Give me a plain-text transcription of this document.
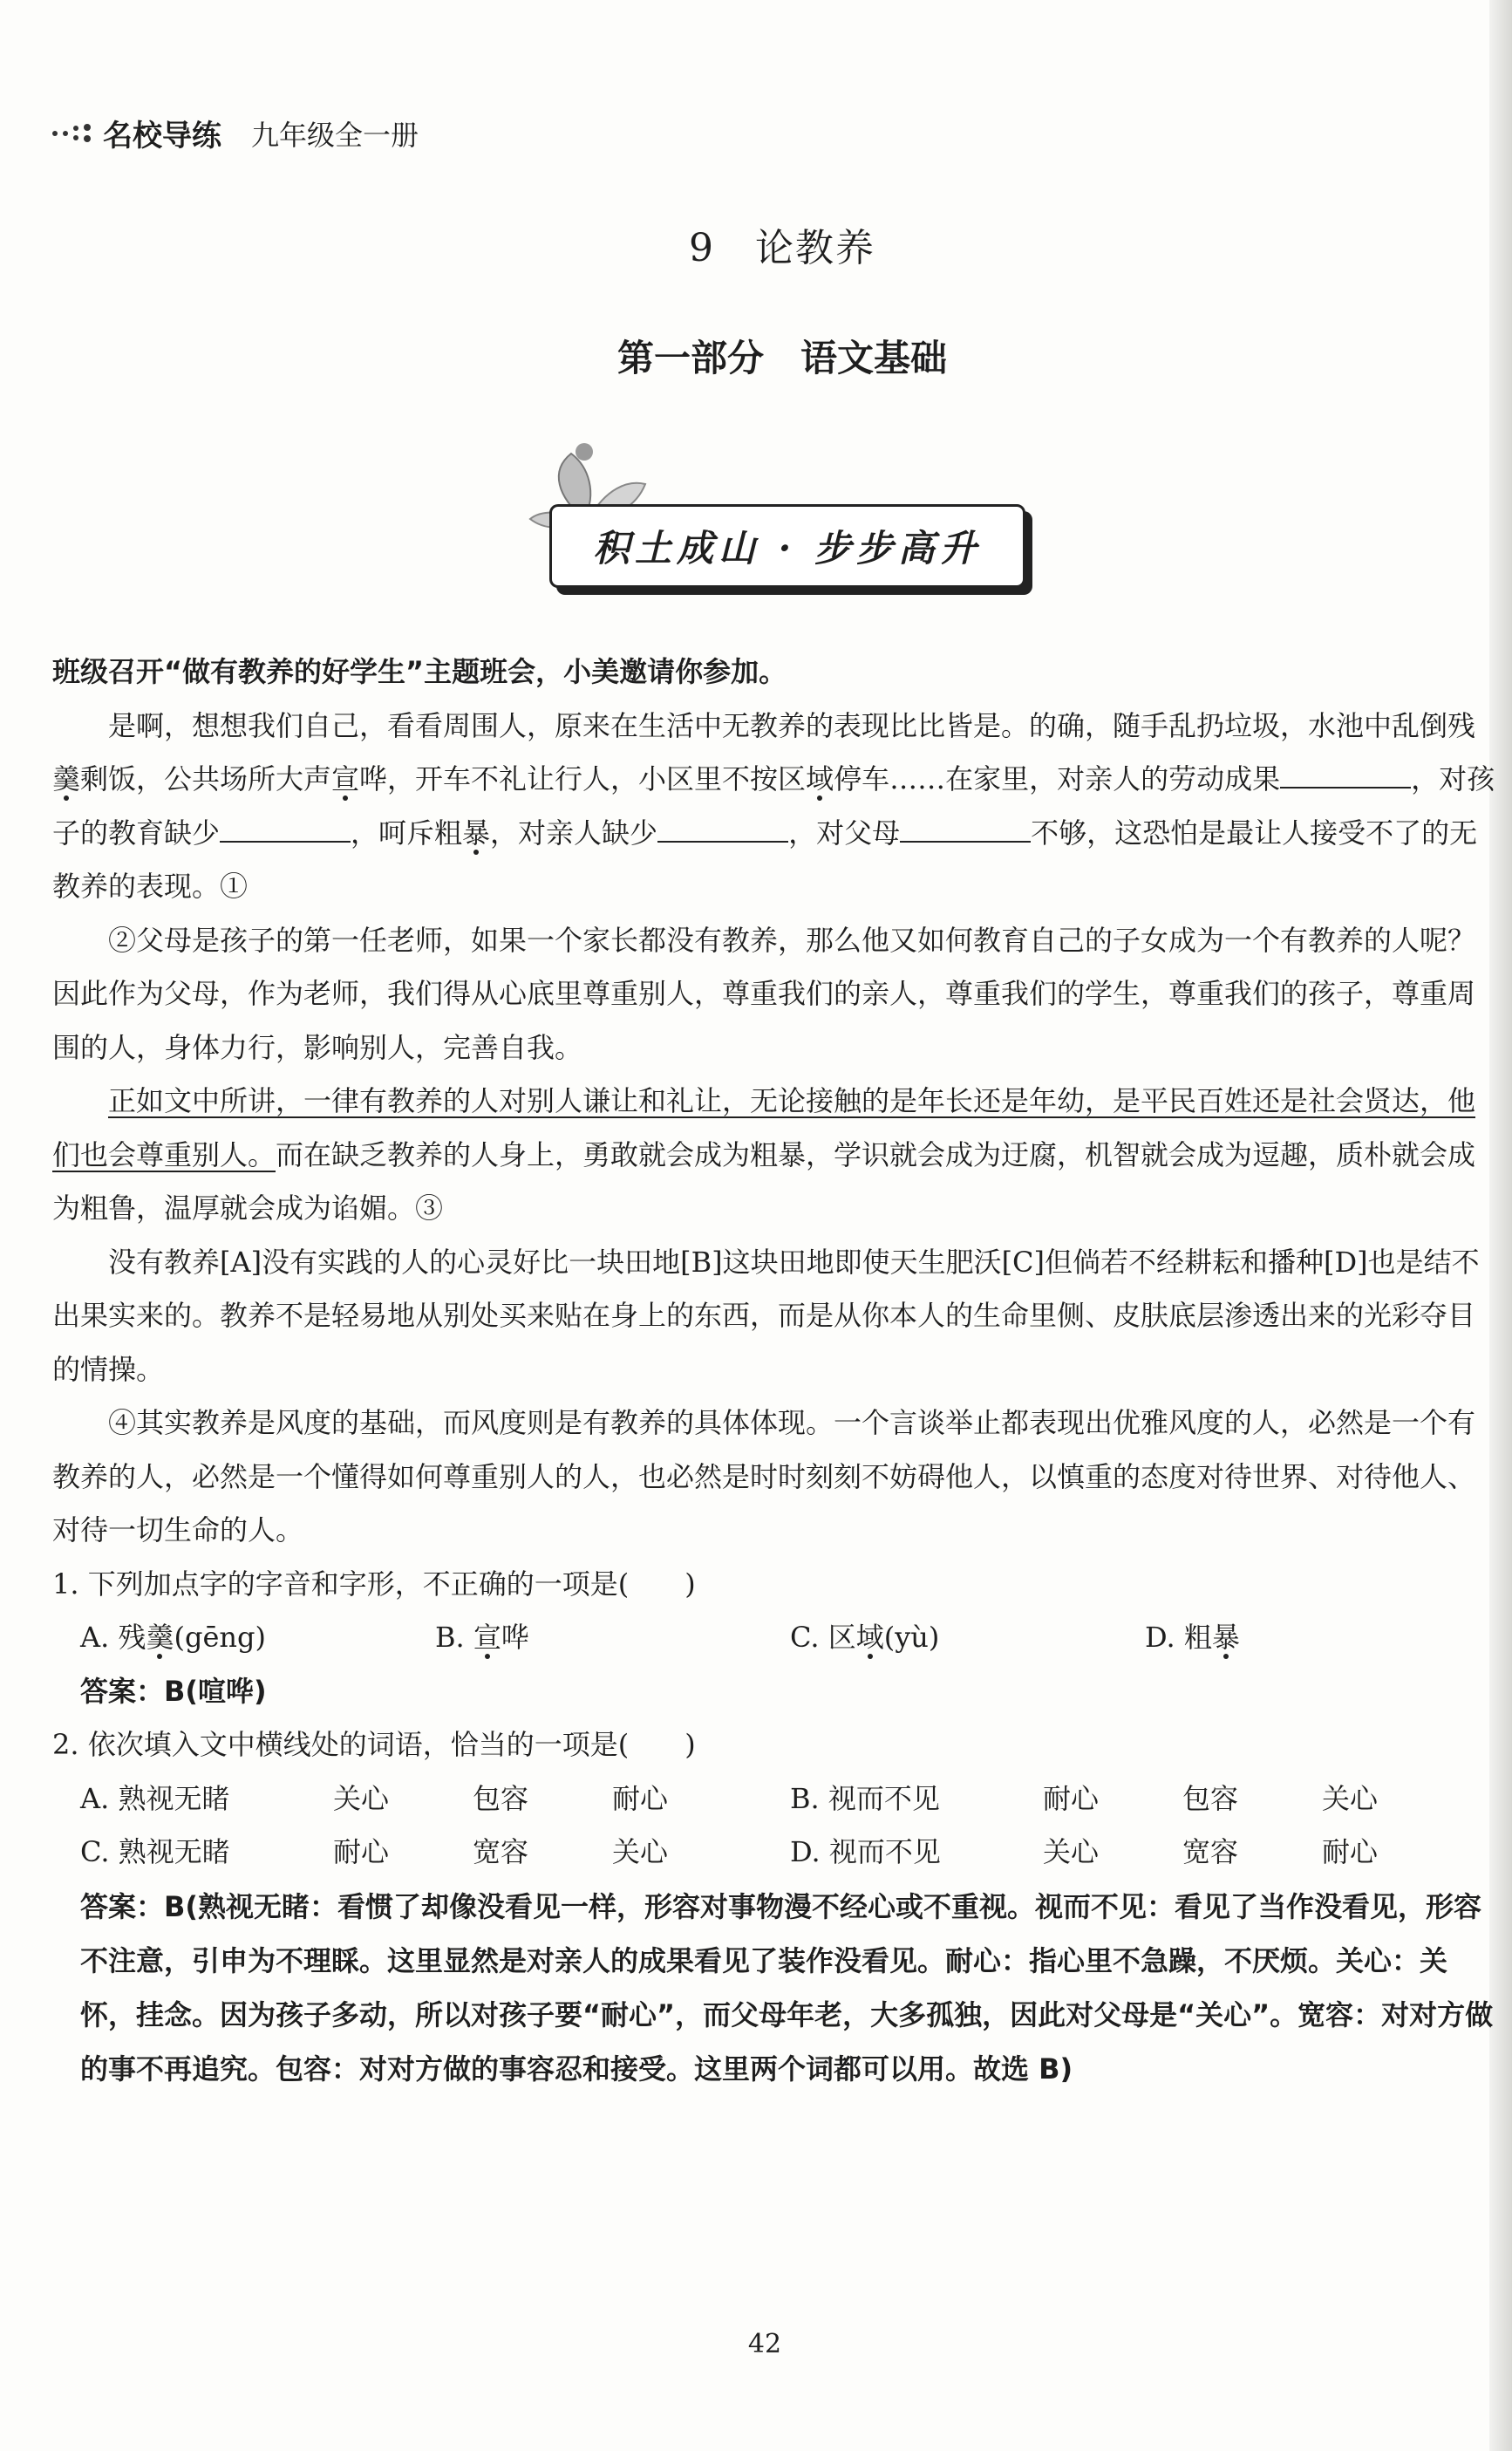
名校导练 九年级全一册
9　论教养
第一部分　语文基础
积土成山 · 步步高升

班级召开“做有教养的好学生”主题班会，小美邀请你参加。

是啊，想想我们自己，看看周围人，原来在生活中无教养的表现比比皆是。的确，随手乱扔垃圾，水池中乱倒残羹剩饭，公共场所大声宣哗，开车不礼让行人，小区里不按区域停车……在家里，对亲人的劳动成果	，对孩子的教育缺少	，呵斥粗暴，对亲人缺少	，对父母	不够，这恐怕是最让人接受不了的无教养的表现。①

②父母是孩子的第一任老师，如果一个家长都没有教养，那么他又如何教育自己的子女成为一个有教养的人呢？因此作为父母，作为老师，我们得从心底里尊重别人，尊重我们的亲人，尊重我们的学生，尊重我们的孩子，尊重周围的人，身体力行，影响别人，完善自我。

正如文中所讲，一律有教养的人对别人谦让和礼让，无论接触的是年长还是年幼，是平民百姓还是社会贤达，他们也会尊重别人。而在缺乏教养的人身上，勇敢就会成为粗暴，学识就会成为迂腐，机智就会成为逗趣，质朴就会成为粗鲁，温厚就会成为谄媚。③

没有教养[A]没有实践的人的心灵好比一块田地[B]这块田地即使天生肥沃[C]但倘若不经耕耘和播种[D]也是结不出果实来的。教养不是轻易地从别处买来贴在身上的东西，而是从你本人的生命里侧、皮肤底层渗透出来的光彩夺目的情操。

④其实教养是风度的基础，而风度则是有教养的具体体现。一个言谈举止都表现出优雅风度的人，必然是一个有教养的人，必然是一个懂得如何尊重别人的人，也必然是时时刻刻不妨碍他人，以慎重的态度对待世界、对待他人、对待一切生命的人。

1. 下列加点字的字音和字形，不正确的一项是(　　)

A. 残羹(gēng)	B. 宣哗	C. 区域(yù)	D. 粗暴

答案：B(喧哗)

2. 依次填入文中横线处的词语，恰当的一项是(　　)

A. 熟视无睹	关心	包容	耐心	B. 视而不见	耐心	包容	关心
C. 熟视无睹	耐心	宽容	关心	D. 视而不见	关心	宽容	耐心

答案：B(熟视无睹：看惯了却像没看见一样，形容对事物漫不经心或不重视。视而不见：看见了当作没看见，形容不注意，引申为不理睬。这里显然是对亲人的成果看见了装作没看见。耐心：指心里不急躁，不厌烦。关心：关怀，挂念。因为孩子多动，所以对孩子要“耐心”，而父母年老，大多孤独，因此对父母是“关心”。宽容：对对方做的事不再追究。包容：对对方做的事容忍和接受。这里两个词都可以用。故选 B)

42
